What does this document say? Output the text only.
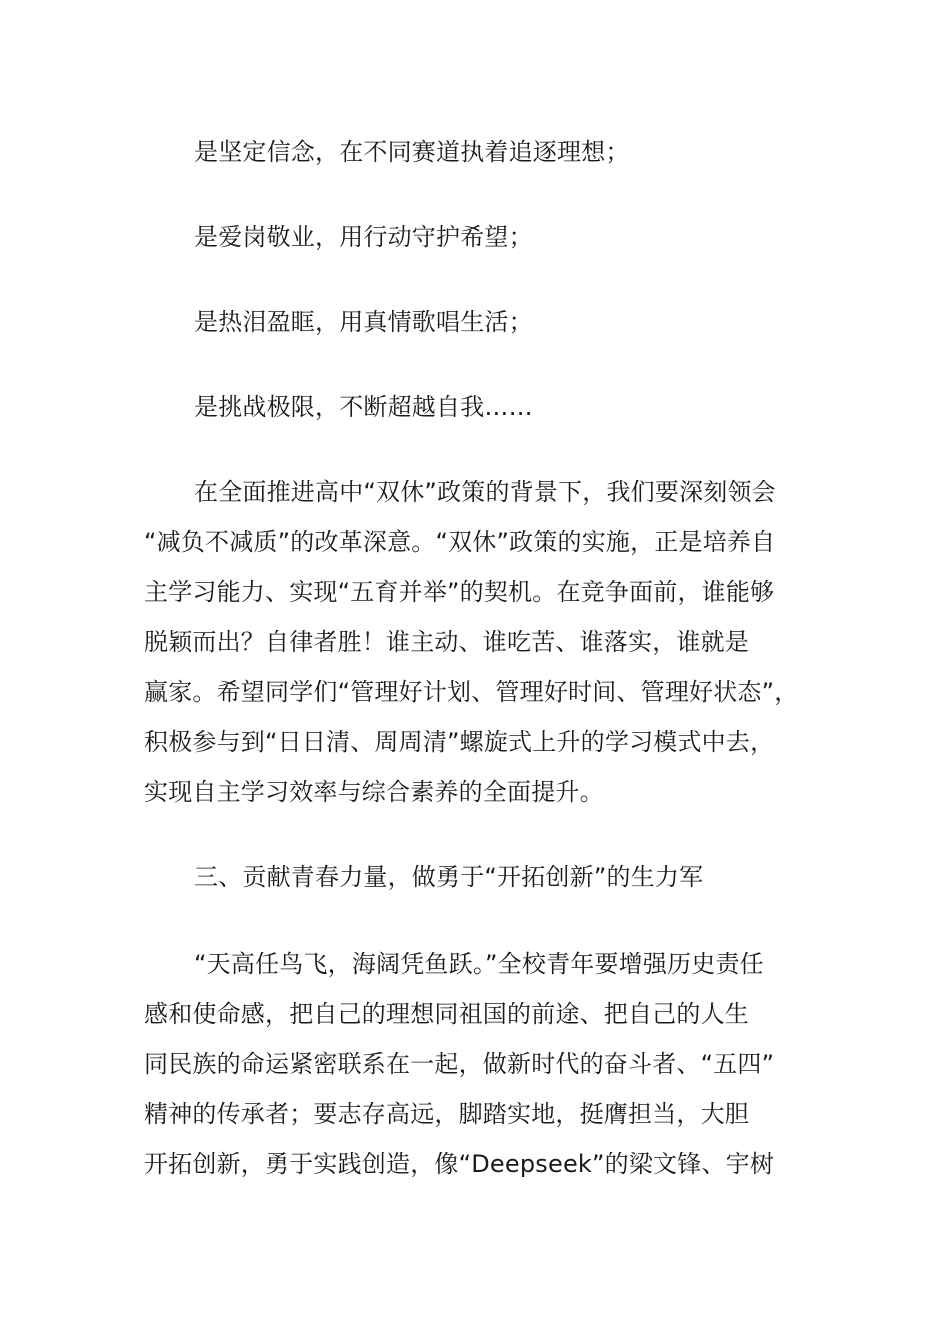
是坚定信念，在不同赛道执着追逐理想；
是爱岗敬业，用行动守护希望；
是热泪盈眶，用真情歌唱生活；
是挑战极限，不断超越自我……
在全面推进高中“双休”政策的背景下，我们要深刻领会
“减负不减质”的改革深意。“双休”政策的实施，正是培养自
主学习能力、实现“五育并举”的契机。在竞争面前，谁能够
脱颖而出？自律者胜！谁主动、谁吃苦、谁落实，谁就是
赢家。希望同学们“管理好计划、管理好时间、管理好状态”，
积极参与到“日日清、周周清”螺旋式上升的学习模式中去，
实现自主学习效率与综合素养的全面提升。
三、贡献青春力量，做勇于“开拓创新”的生力军
“天高任鸟飞，海阔凭鱼跃。”全校青年要增强历史责任
感和使命感，把自己的理想同祖国的前途、把自己的人生
同民族的命运紧密联系在一起，做新时代的奋斗者、“五四”
精神的传承者；要志存高远，脚踏实地，挺膺担当，大胆
开拓创新，勇于实践创造，像“Deepseek”的梁文锋、宇树
